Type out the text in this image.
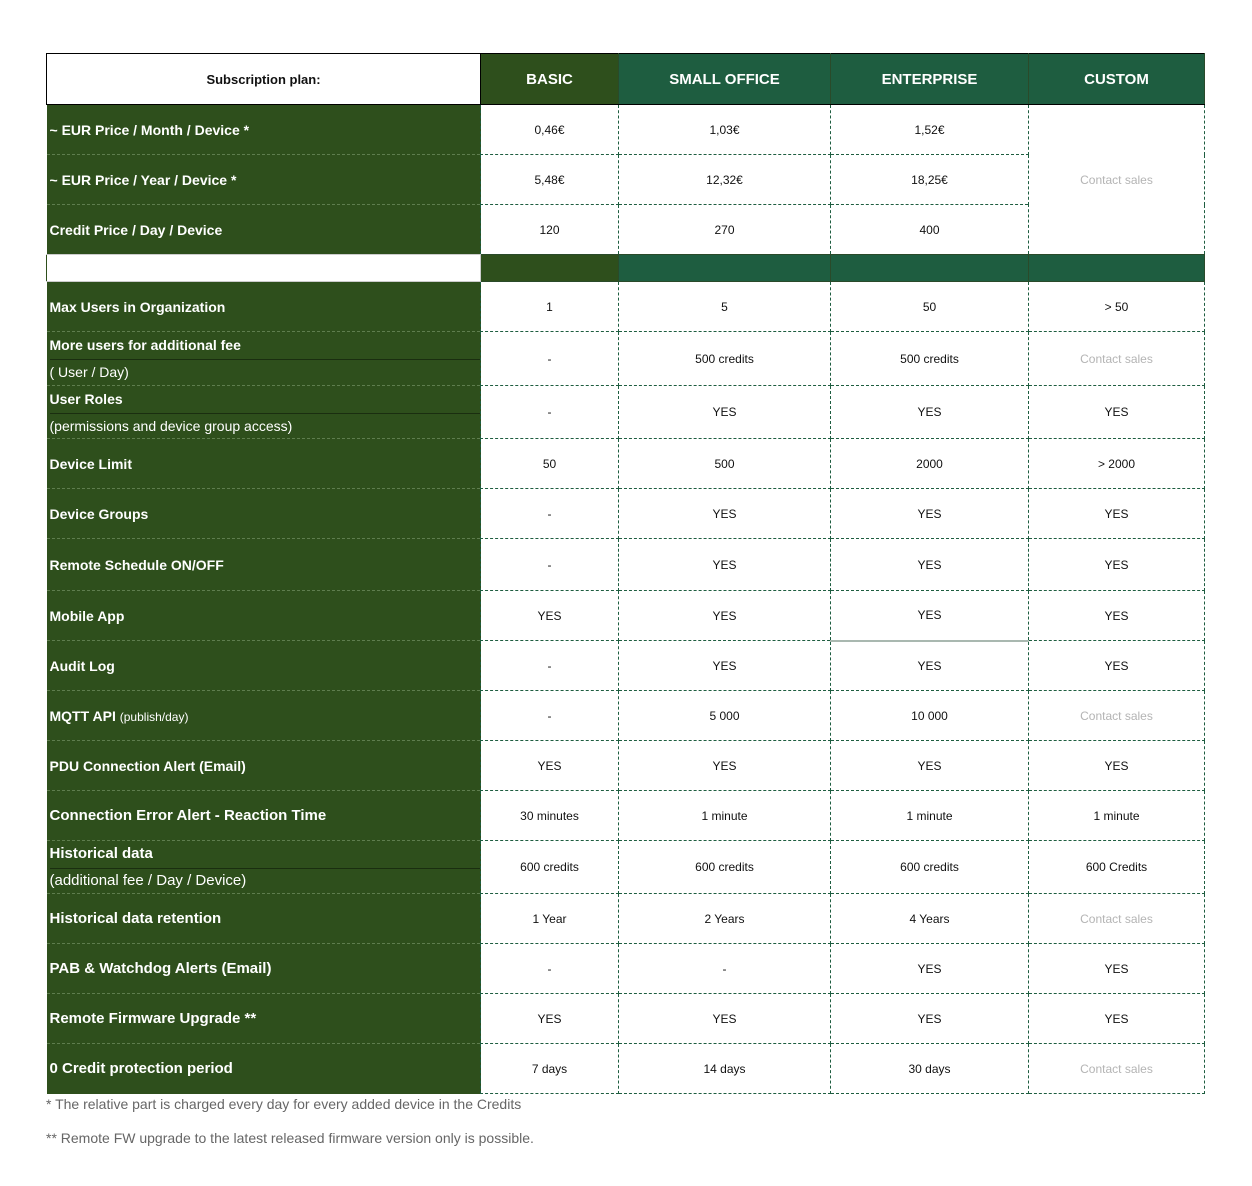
Subscription plan:	BASIC	SMALL OFFICE	ENTERPRISE	CUSTOM
~ EUR Price / Month / Device *	0,46€	1,03€	1,52€	Contact sales
~ EUR Price / Year / Device *	5,48€	12,32€	18,25€	
Credit Price / Day / Device	120	270	400	

Max Users in Organization	1	5	50	> 50

More users for additional fee
( User / Day)	-	500 credits	500 credits	Contact sales

User Roles
(permissions and device group access)	-	YES	YES	YES
Device Limit	50	500	2000	> 2000
Device Groups	-	YES	YES	YES
Remote Schedule ON/OFF	-	YES	YES	YES
Mobile App	YES	YES	YES	YES
Audit Log	-	YES	YES	YES
MQTT API (publish/day)	-	5 000	10 000	Contact sales
PDU Connection Alert (Email)	YES	YES	YES	YES
Connection Error Alert - Reaction Time	30 minutes	1 minute	1 minute	1 minute

Historical data
(additional fee / Day / Device)	600 credits	600 credits	600 credits	600 Credits
Historical data retention	1 Year	2 Years	4 Years	Contact sales
PAB & Watchdog Alerts (Email)	-	-	YES	YES
Remote Firmware Upgrade **	YES	YES	YES	YES
0 Credit protection period	7 days	14 days	30 days	Contact sales

* The relative part is charged every day for every added device in the Credits

** Remote FW upgrade to the latest released firmware version only is possible.
